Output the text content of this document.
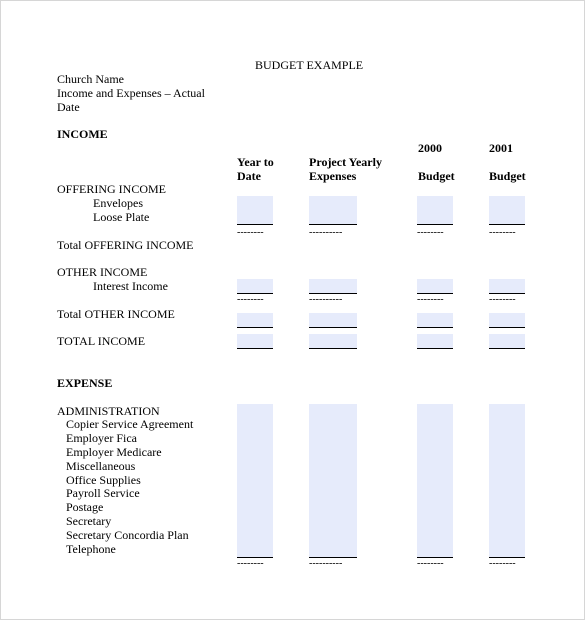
BUDGET EXAMPLE
Church Name
Income and Expenses – Actual
Date
INCOME
Year to
Date
Project Yearly
Expenses
2000	2001
Budget	Budget
OFFERING INCOME
Envelopes
Loose Plate
Total OFFERING INCOME
OTHER INCOME
Interest Income
Total OTHER INCOME
TOTAL INCOME
EXPENSE
ADMINISTRATION
Copier Service Agreement
Employer Fica
Employer Medicare
Miscellaneous
Office Supplies
Payroll Service
Postage
Secretary
Secretary Concordia Plan
Telephone
--------
--------
--------
--------
----------
----------
----------
----------
--------
--------
--------
--------
--------
--------
--------
--------
